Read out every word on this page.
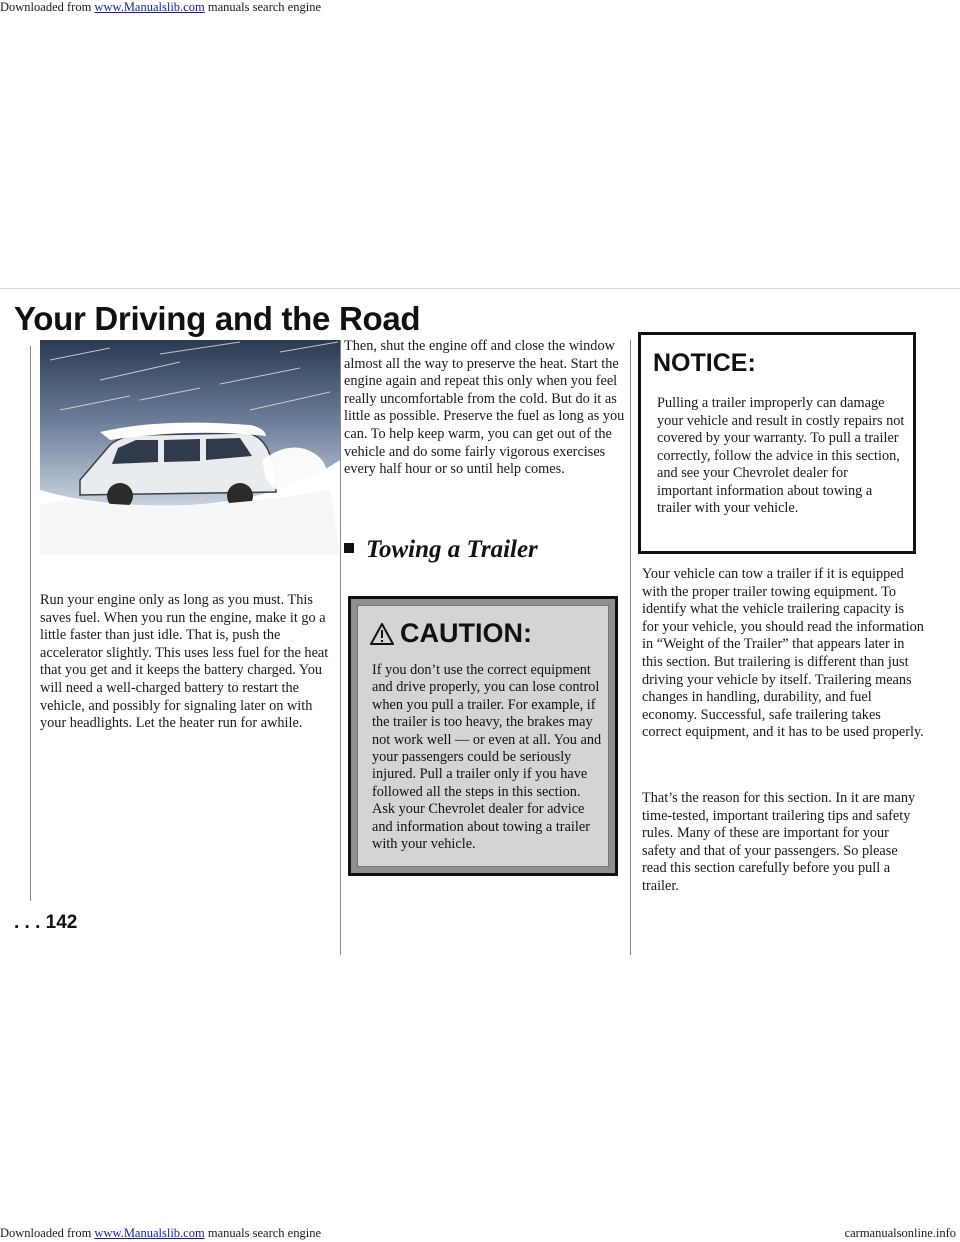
Downloaded from www.Manualslib.com manuals search engine
Your Driving and the Road

Run your engine only as long as you must. This saves fuel. When you run the engine, make it go a little faster than just idle. That is, push the accelerator slightly. This uses less fuel for the heat that you get and it keeps the battery charged. You will need a well-charged battery to restart the vehicle, and possibly for signaling later on with your headlights. Let the heater run for awhile.

Then, shut the engine off and close the window almost all the way to preserve the heat. Start the engine again and repeat this only when you feel really uncomfortable from the cold. But do it as little as possible. Preserve the fuel as long as you can. To help keep warm, you can get out of the vehicle and do some fairly vigorous exercises every half hour or so until help comes.

Towing a Trailer
CAUTION:

If you don’t use the correct equipment and drive properly, you can lose control when you pull a trailer. For example, if the trailer is too heavy, the brakes may not work well — or even at all. You and your passengers could be seriously injured. Pull a trailer only if you have followed all the steps in this section. Ask your Chevrolet dealer for advice and information about towing a trailer with your vehicle.

NOTICE:

Pulling a trailer improperly can damage your vehicle and result in costly repairs not covered by your warranty. To pull a trailer correctly, follow the advice in this section, and see your Chevrolet dealer for important information about towing a trailer with your vehicle.

Your vehicle can tow a trailer if it is equipped with the proper trailer towing equipment. To identify what the vehicle trailering capacity is for your vehicle, you should read the information in “Weight of the Trailer” that appears later in this section. But trailering is different than just driving your vehicle by itself. Trailering means changes in handling, durability, and fuel economy. Successful, safe trailering takes correct equipment, and it has to be used properly.

That’s the reason for this section. In it are many time-tested, important trailering tips and safety rules. Many of these are important for your safety and that of your passengers. So please read this section carefully before you pull a trailer.

. . . 142

Downloaded from www.Manualslib.com manuals search engine	carmanualsonline.info
